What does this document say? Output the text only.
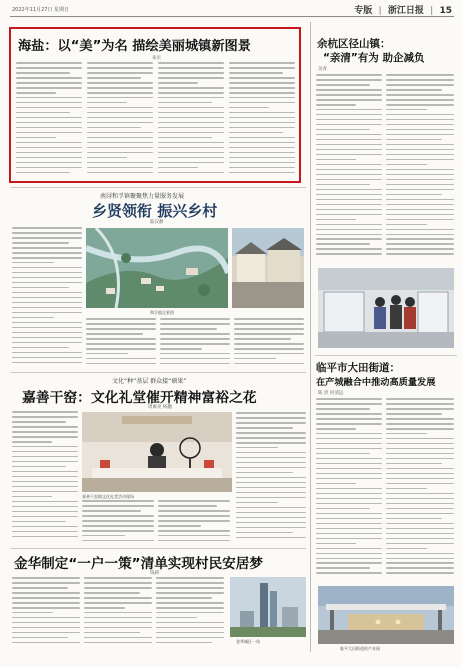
2022年11月27日 星期日	专版 | 浙江日报 | 15
海盐：以“美”为名 描绘美丽城镇新图景
朱贝
南浔和孚镇聚聚焦力量服务发展
乡贤领衔 振兴乡村
陆汉静
和孚镇全景图
文化“种”基层 群众接“硕果”
嘉善干窑：文化礼堂催开精神富裕之花
周素亮 杨翻
嘉善干窑镇文化礼堂活动现场
金华制定“一户一策”清单实现村民安居梦
钱莉
金华城区一角
余杭区径山镇：
“亲清”有为 助企减负
吴青
临平市大田街道：
在产城融合中推动高质量发展
陈 淡 何清远
临平大田街道的产业园
